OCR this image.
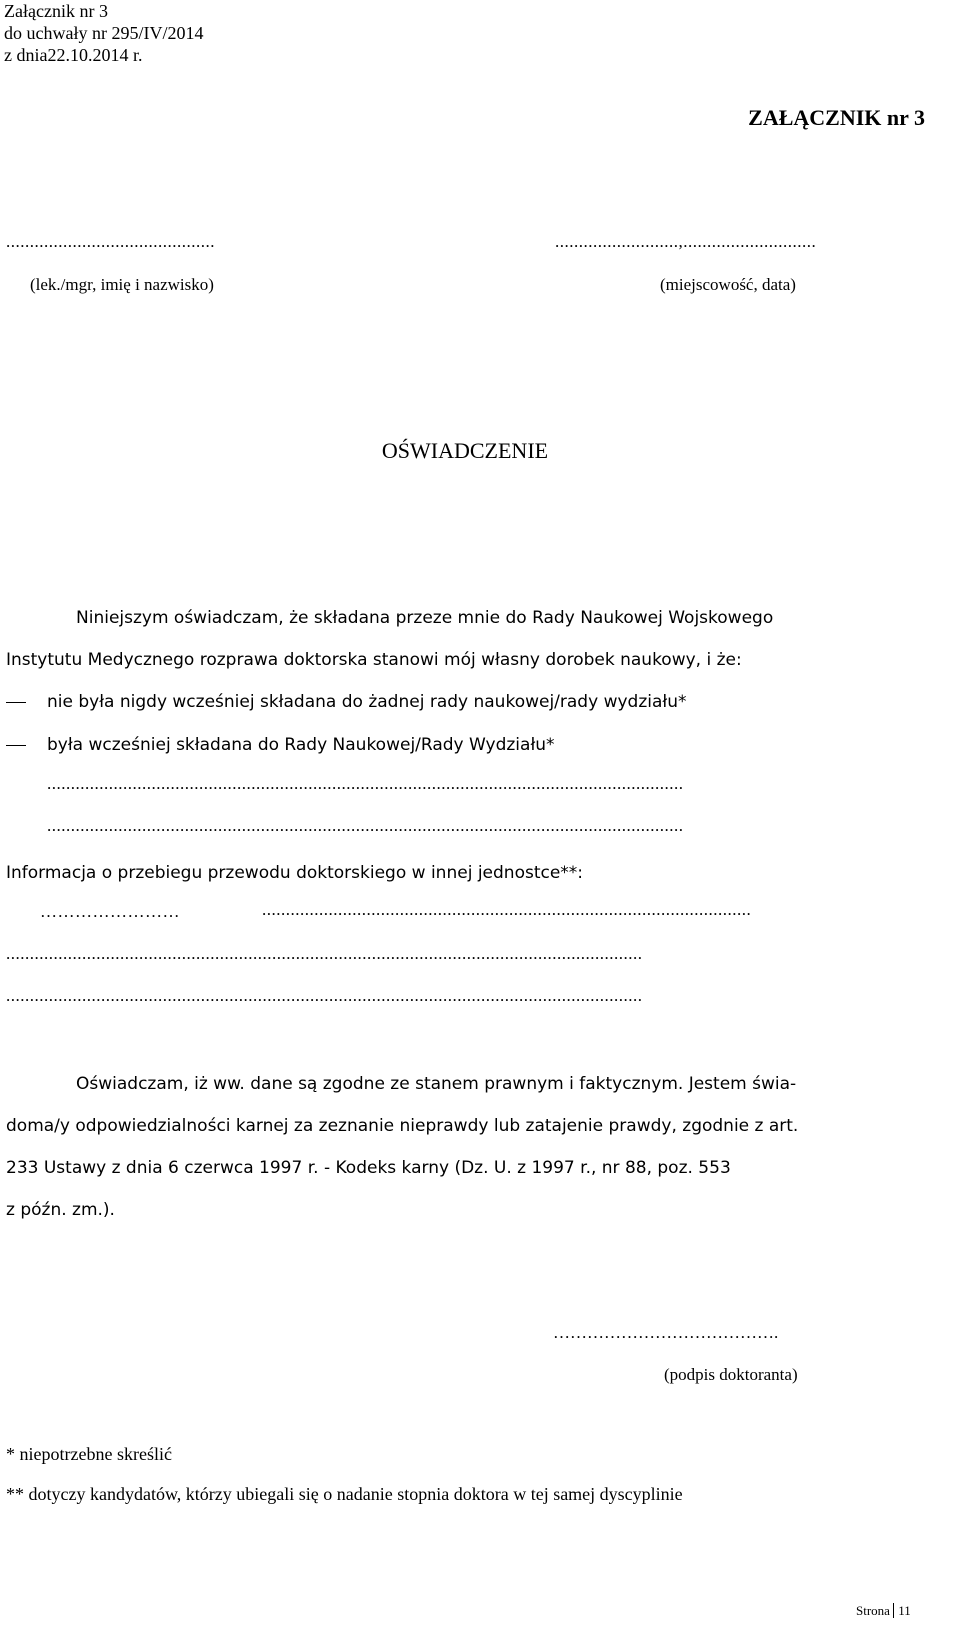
Załącznik nr 3
do uchwały nr 295/IV/2014
z dnia22.10.2014 r.
ZAŁĄCZNIK nr 3
............................................
(lek./mgr, imię i nazwisko)
..........................,............................
(miejscowość, data)
OŚWIADCZENIE
Niniejszym oświadczam, że składana przeze mnie do Rady Naukowej Wojskowego
Instytutu Medycznego rozprawa doktorska stanowi mój własny dorobek naukowy, i że:
nie była nigdy wcześniej składana do żadnej rady naukowej/rady wydziału*
była wcześniej składana do Rady Naukowej/Rady Wydziału*
......................................................................................................................................
......................................................................................................................................
Informacja o przebiegu przewodu doktorskiego w innej jednostce**:
……………………	.......................................................................................................
......................................................................................................................................
......................................................................................................................................
Oświadczam, iż ww. dane są zgodne ze stanem prawnym i faktycznym. Jestem świa-
doma/y odpowiedzialności karnej za zeznanie nieprawdy lub zatajenie prawdy, zgodnie z art.
233 Ustawy z dnia 6 czerwca 1997 r. - Kodeks karny (Dz. U. z 1997 r., nr 88, poz. 553
z późn. zm.).
………………………………….
(podpis doktoranta)
* niepotrzebne skreślić
** dotyczy kandydatów, którzy ubiegali się o nadanie stopnia doktora w tej samej dyscyplinie
Strona 11
